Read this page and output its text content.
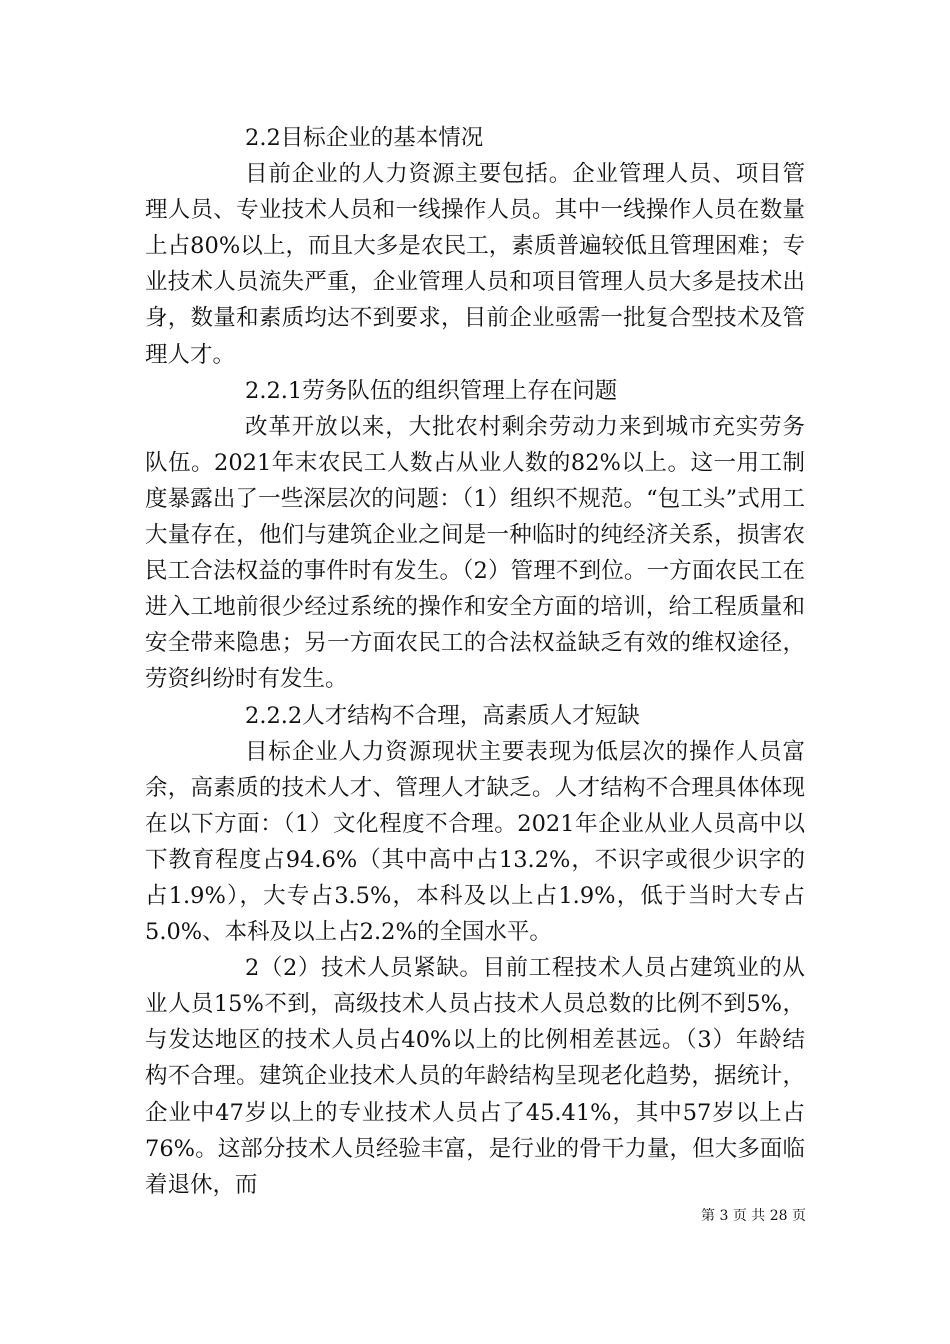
2.2目标企业的基本情况

目前企业的人力资源主要包括。企业管理人员、项目管理人员、专业技术人员和一线操作人员。其中一线操作人员在数量上占80%以上，而且大多是农民工，素质普遍较低且管理困难；专业技术人员流失严重，企业管理人员和项目管理人员大多是技术出身，数量和素质均达不到要求，目前企业亟需一批复合型技术及管理人才。

2.2.1劳务队伍的组织管理上存在问题

改革开放以来，大批农村剩余劳动力来到城市充实劳务队伍。2021年末农民工人数占从业人数的82%以上。这一用工制度暴露出了一些深层次的问题：（1）组织不规范。“包工头”式用工大量存在，他们与建筑企业之间是一种临时的纯经济关系，损害农民工合法权益的事件时有发生。（2）管理不到位。一方面农民工在进入工地前很少经过系统的操作和安全方面的培训，给工程质量和安全带来隐患；另一方面农民工的合法权益缺乏有效的维权途径，劳资纠纷时有发生。

2.2.2人才结构不合理，高素质人才短缺

目标企业人力资源现状主要表现为低层次的操作人员富余，高素质的技术人才、管理人才缺乏。人才结构不合理具体体现在以下方面：（1）文化程度不合理。2021年企业从业人员高中以下教育程度占94.6%（其中高中占13.2%，不识字或很少识字的占1.9%），大专占3.5%，本科及以上占1.9%，低于当时大专占5.0%、本科及以上占2.2%的全国水平。

2（2）技术人员紧缺。目前工程技术人员占建筑业的从业人员15%不到，高级技术人员占技术人员总数的比例不到5%，与发达地区的技术人员占40%以上的比例相差甚远。（3）年龄结构不合理。建筑企业技术人员的年龄结构呈现老化趋势，据统计，企业中47岁以上的专业技术人员占了45.41%，其中57岁以上占76%。这部分技术人员经验丰富，是行业的骨干力量，但大多面临着退休，而

第 3 页 共 28 页
